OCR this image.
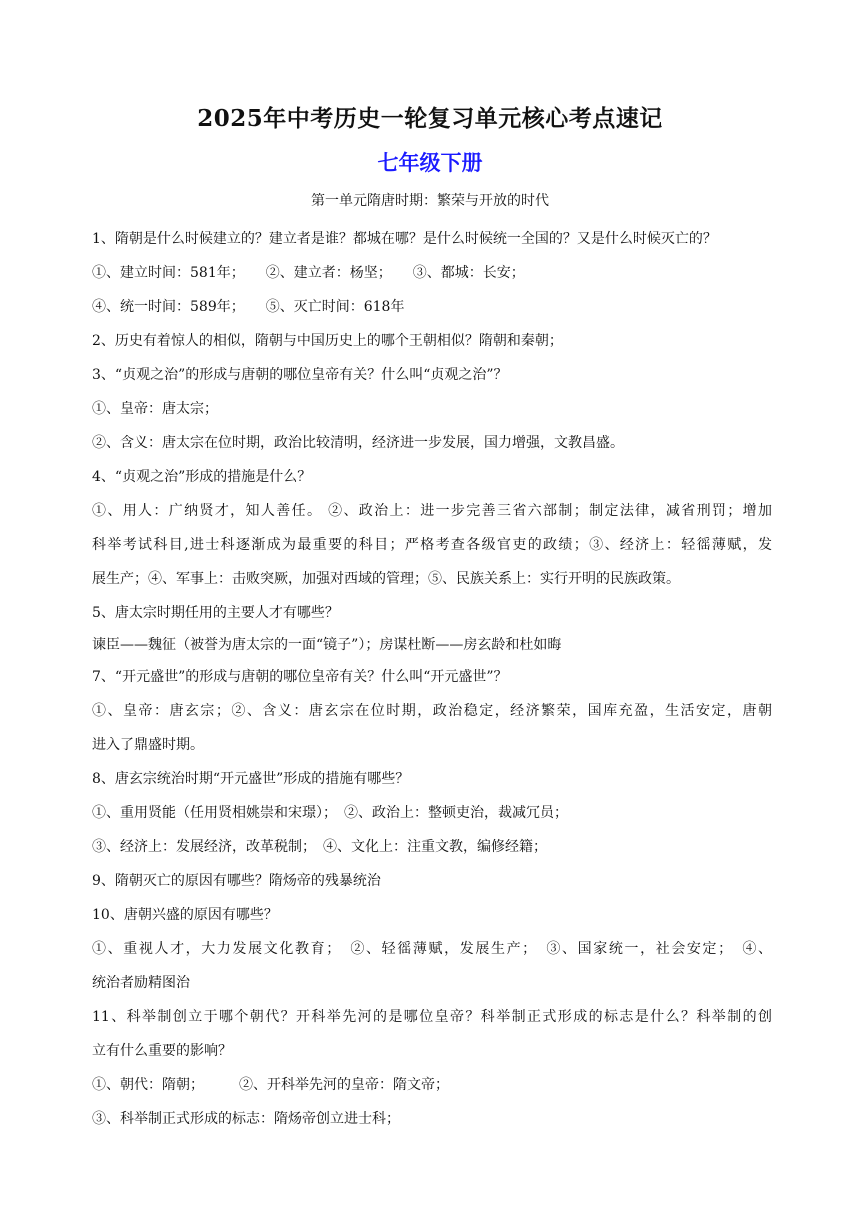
2025年中考历史一轮复习单元核心考点速记
七年级下册
第一单元隋唐时期：繁荣与开放的时代
1、隋朝是什么时候建立的？建立者是谁？都城在哪？是什么时候统一全国的？又是什么时候灭亡的？
①、建立时间：581年；　　②、建立者：杨坚；　　③、都城：长安；
④、统一时间：589年；　　⑤、灭亡时间：618年
2、历史有着惊人的相似，隋朝与中国历史上的哪个王朝相似？隋朝和秦朝；
3、“贞观之治”的形成与唐朝的哪位皇帝有关？什么叫“贞观之治”？
①、皇帝：唐太宗；
②、含义：唐太宗在位时期，政治比较清明，经济进一步发展，国力增强，文教昌盛。
4、“贞观之治”形成的措施是什么？
①、用人：广纳贤才，知人善任。 ②、政治上：进一步完善三省六部制；制定法律，减省刑罚；增加
科举考试科目,进士科逐渐成为最重要的科目；严格考查各级官吏的政绩；③、经济上：轻徭薄赋，发
展生产；④、军事上：击败突厥，加强对西域的管理；⑤、民族关系上：实行开明的民族政策。
5、唐太宗时期任用的主要人才有哪些？
谏臣——魏征（被誉为唐太宗的一面“镜子”）；房谋杜断——房玄龄和杜如晦
7、“开元盛世”的形成与唐朝的哪位皇帝有关？什么叫“开元盛世”？
①、皇帝：唐玄宗；②、含义：唐玄宗在位时期，政治稳定，经济繁荣，国库充盈，生活安定，唐朝
进入了鼎盛时期。
8、唐玄宗统治时期“开元盛世”形成的措施有哪些？
①、重用贤能（任用贤相姚崇和宋璟）；　②、政治上：整顿吏治，裁减冗员；
③、经济上：发展经济，改革税制；　④、文化上：注重文教，编修经籍；
9、隋朝灭亡的原因有哪些？隋炀帝的残暴统治
10、唐朝兴盛的原因有哪些？
①、重视人才，大力发展文化教育；　②、轻徭薄赋，发展生产；　③、国家统一，社会安定；　④、
统治者励精图治
11、科举制创立于哪个朝代？开科举先河的是哪位皇帝？科举制正式形成的标志是什么？科举制的创
立有什么重要的影响？
①、朝代：隋朝；　　　②、开科举先河的皇帝：隋文帝；
③、科举制正式形成的标志：隋炀帝创立进士科；
